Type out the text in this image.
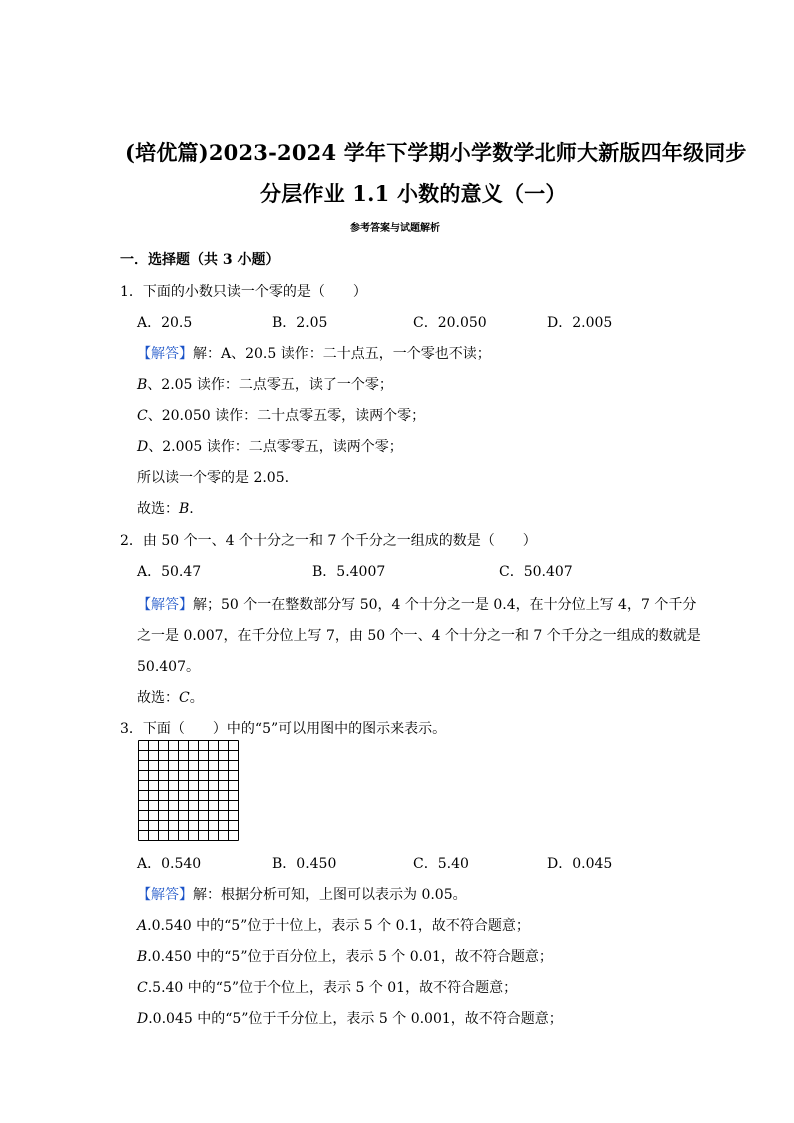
(培优篇)2023-2024 学年下学期小学数学北师大新版四年级同步
分层作业 1.1 小数的意义（一）
参考答案与试题解析
一．选择题（共 3 小题）
1．下面的小数只读一个零的是（　　）
A．20.5	B．2.05	C．20.050	D．2.005
【解答】解：A、20.5 读作：二十点五，一个零也不读；
B、2.05 读作：二点零五，读了一个零；
C、20.050 读作：二十点零五零，读两个零；
D、2.005 读作：二点零零五，读两个零；
所以读一个零的是 2.05.
故选：B.
2．由 50 个一、4 个十分之一和 7 个千分之一组成的数是（　　）
A．50.47	B．5.4007	C．50.407
【解答】解；50 个一在整数部分写 50，4 个十分之一是 0.4，在十分位上写 4，7 个千分
之一是 0.007，在千分位上写 7，由 50 个一、4 个十分之一和 7 个千分之一组成的数就是
50.407。
故选：C。
3．下面（　　）中的“5”可以用图中的图示来表示。
A．0.540	B．0.450	C．5.40	D．0.045
【解答】解：根据分析可知，上图可以表示为 0.05。
A.0.540 中的“5”位于十位上，表示 5 个 0.1，故不符合题意；
B.0.450 中的“5”位于百分位上，表示 5 个 0.01，故不符合题意；
C.5.40 中的“5”位于个位上，表示 5 个 01，故不符合题意；
D.0.045 中的“5”位于千分位上，表示 5 个 0.001，故不符合题意；
